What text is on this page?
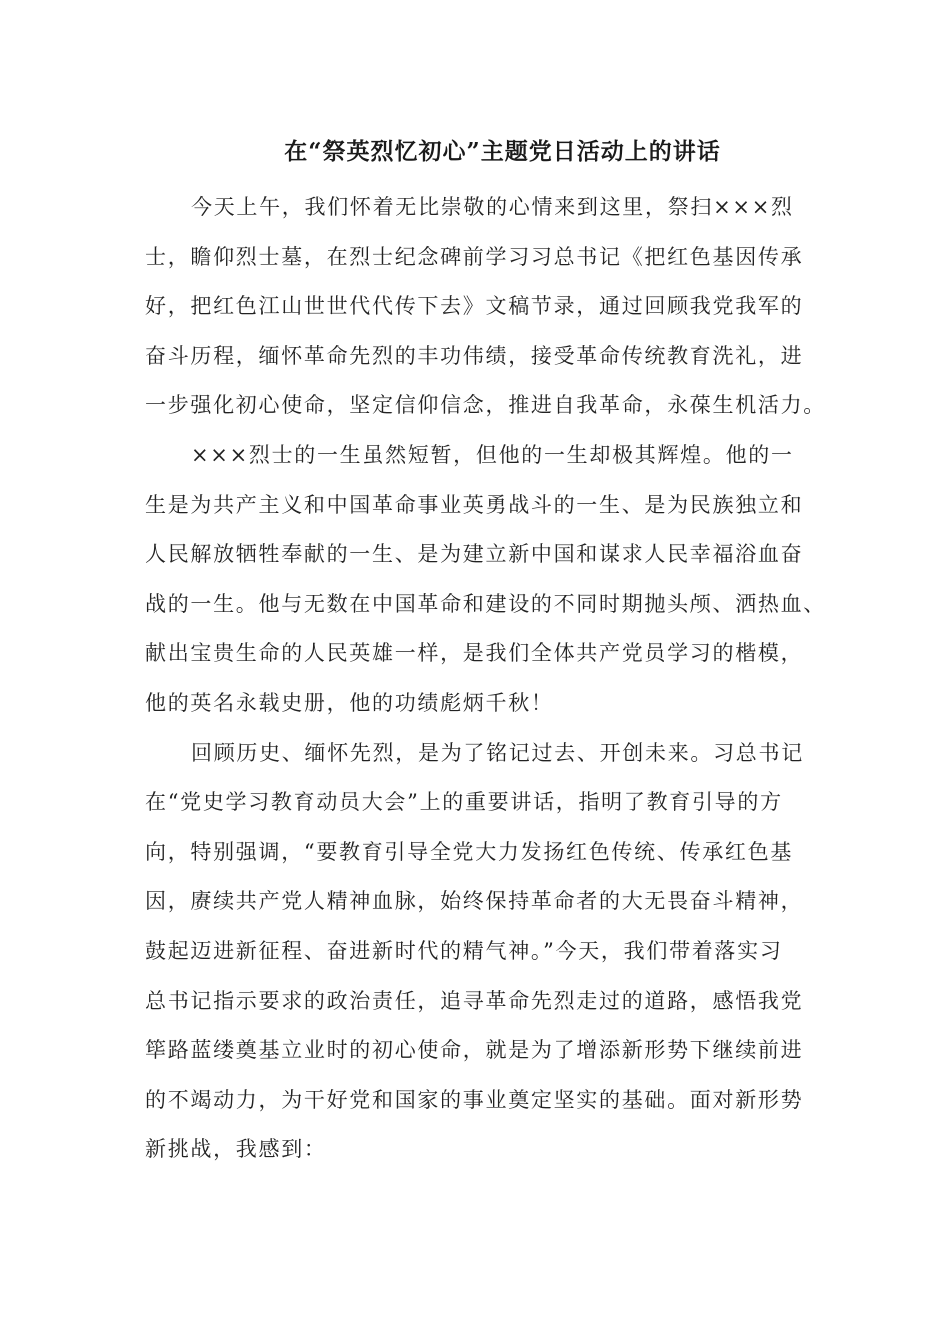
在“祭英烈忆初心”主题党日活动上的讲话
今天上午，我们怀着无比崇敬的心情来到这里，祭扫×××烈
士，瞻仰烈士墓，在烈士纪念碑前学习习总书记《把红色基因传承
好，把红色江山世世代代传下去》文稿节录，通过回顾我党我军的
奋斗历程，缅怀革命先烈的丰功伟绩，接受革命传统教育洗礼，进
一步强化初心使命，坚定信仰信念，推进自我革命，永葆生机活力。
×××烈士的一生虽然短暂，但他的一生却极其辉煌。他的一
生是为共产主义和中国革命事业英勇战斗的一生、是为民族独立和
人民解放牺牲奉献的一生、是为建立新中国和谋求人民幸福浴血奋
战的一生。他与无数在中国革命和建设的不同时期抛头颅、洒热血、
献出宝贵生命的人民英雄一样，是我们全体共产党员学习的楷模，
他的英名永载史册，他的功绩彪炳千秋！
回顾历史、缅怀先烈，是为了铭记过去、开创未来。习总书记
在“党史学习教育动员大会”上的重要讲话，指明了教育引导的方
向，特别强调，“要教育引导全党大力发扬红色传统、传承红色基
因，赓续共产党人精神血脉，始终保持革命者的大无畏奋斗精神，
鼓起迈进新征程、奋进新时代的精气神。”今天，我们带着落实习
总书记指示要求的政治责任，追寻革命先烈走过的道路，感悟我党
筚路蓝缕奠基立业时的初心使命，就是为了增添新形势下继续前进
的不竭动力，为干好党和国家的事业奠定坚实的基础。面对新形势
新挑战，我感到：
